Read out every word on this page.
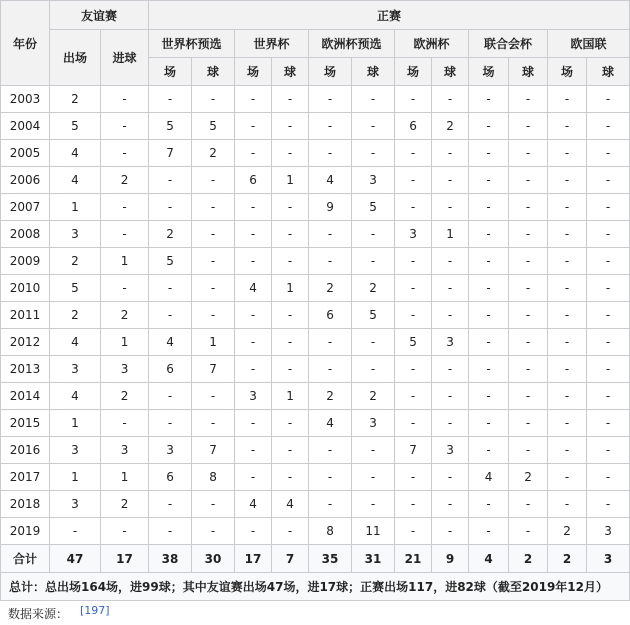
年份	友谊赛		正赛											
	出场	进球	世界杯预选		世界杯		欧洲杯预选		欧洲杯		联合会杯		欧国联	
			场	球	场	球	场	球	场	球	场	球	场	球
2003	2	-	-	-	-	-	-	-	-	-	-	-	-	-
2004	5	-	5	5	-	-	-	-	6	2	-	-	-	-
2005	4	-	7	2	-	-	-	-	-	-	-	-	-	-
2006	4	2	-	-	6	1	4	3	-	-	-	-	-	-
2007	1	-	-	-	-	-	9	5	-	-	-	-	-	-
2008	3	-	2	-	-	-	-	-	3	1	-	-	-	-
2009	2	1	5	-	-	-	-	-	-	-	-	-	-	-
2010	5	-	-	-	4	1	2	2	-	-	-	-	-	-
2011	2	2	-	-	-	-	6	5	-	-	-	-	-	-
2012	4	1	4	1	-	-	-	-	5	3	-	-	-	-
2013	3	3	6	7	-	-	-	-	-	-	-	-	-	-
2014	4	2	-	-	3	1	2	2	-	-	-	-	-	-
2015	1	-	-	-	-	-	4	3	-	-	-	-	-	-
2016	3	3	3	7	-	-	-	-	7	3	-	-	-	-
2017	1	1	6	8	-	-	-	-	-	-	4	2	-	-
2018	3	2	-	-	4	4	-	-	-	-	-	-	-	-
2019	-	-	-	-	-	-	8	11	-	-	-	-	2	3
合计	47	17	38	30	17	7	35	31	21	9	4	2	2	3
总计：总出场164场，进99球；其中友谊赛出场47场，进17球；正赛出场117，进82球（截至2019年12月）														
数据来源： [197]
